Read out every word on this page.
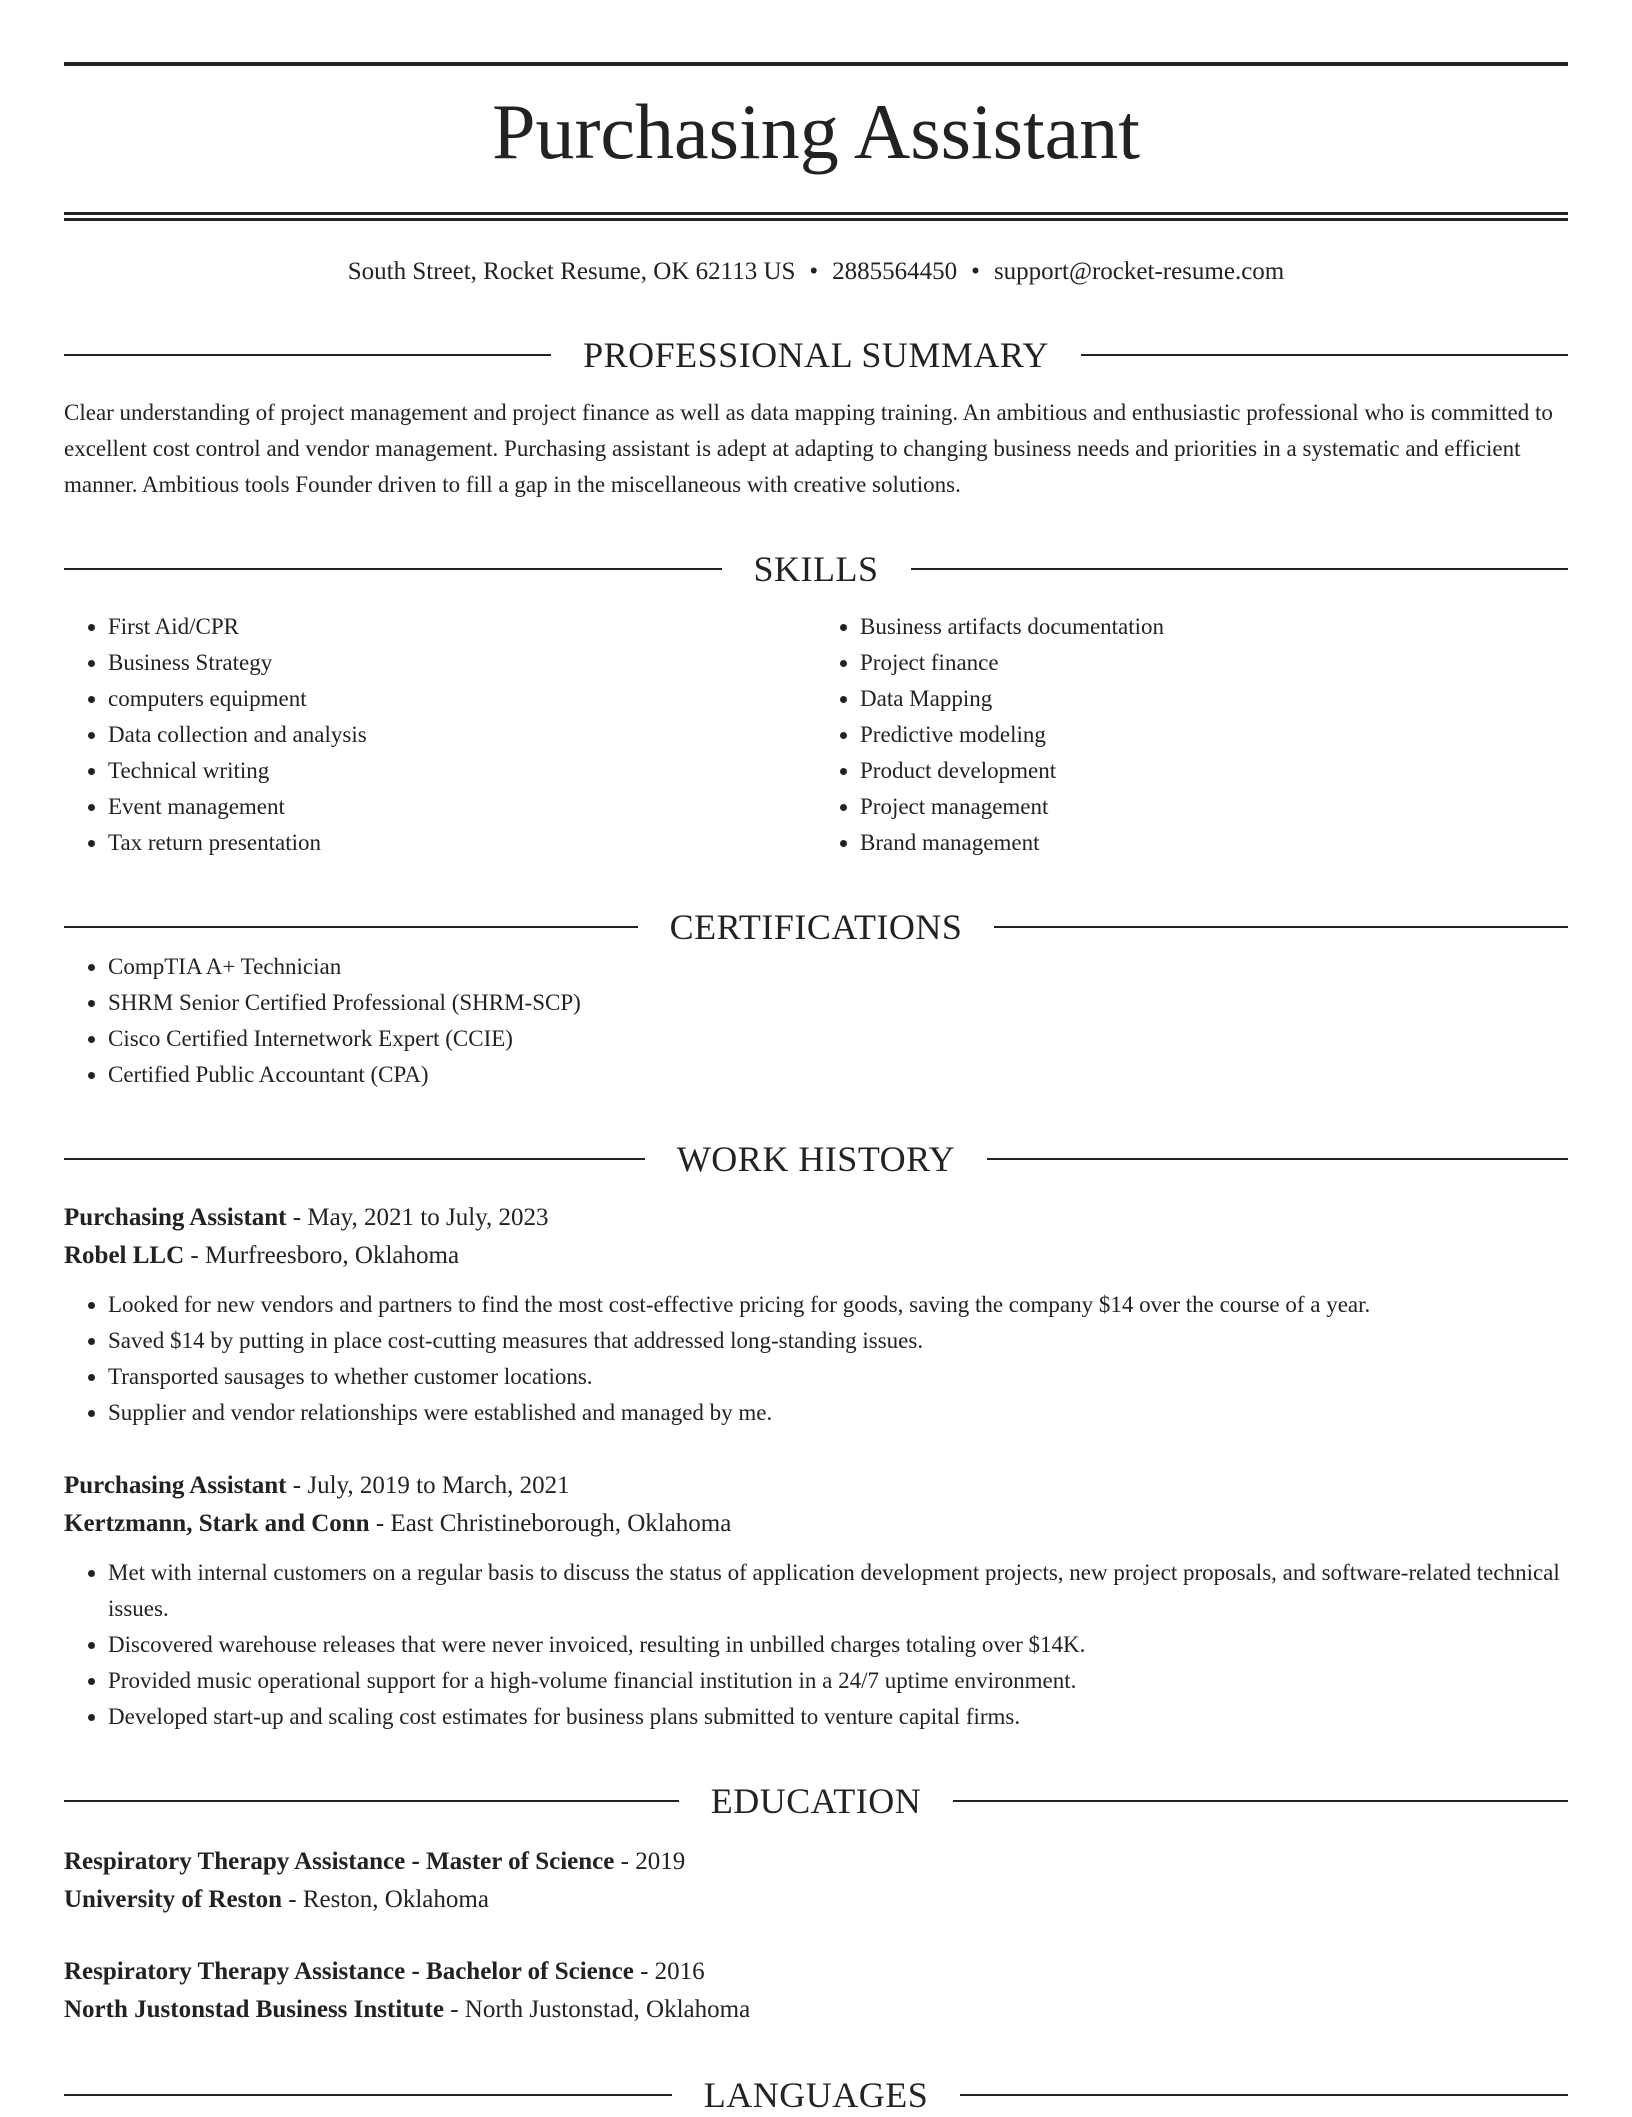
Purchasing Assistant
South Street, Rocket Resume, OK 62113 US • 2885564450 • support@rocket-resume.com
PROFESSIONAL SUMMARY
Clear understanding of project management and project finance as well as data mapping training. An ambitious and enthusiastic professional who is committed to excellent cost control and vendor management. Purchasing assistant is adept at adapting to changing business needs and priorities in a systematic and efficient manner. Ambitious tools Founder driven to fill a gap in the miscellaneous with creative solutions.
SKILLS
• First Aid/CPR
• Business Strategy
• computers equipment
• Data collection and analysis
• Technical writing
• Event management
• Tax return presentation
• Business artifacts documentation
• Project finance
• Data Mapping
• Predictive modeling
• Product development
• Project management
• Brand management
CERTIFICATIONS
• CompTIA A+ Technician
• SHRM Senior Certified Professional (SHRM-SCP)
• Cisco Certified Internetwork Expert (CCIE)
• Certified Public Accountant (CPA)
WORK HISTORY
Purchasing Assistant - May, 2021 to July, 2023
Robel LLC - Murfreesboro, Oklahoma
• Looked for new vendors and partners to find the most cost-effective pricing for goods, saving the company $14 over the course of a year.
• Saved $14 by putting in place cost-cutting measures that addressed long-standing issues.
• Transported sausages to whether customer locations.
• Supplier and vendor relationships were established and managed by me.
Purchasing Assistant - July, 2019 to March, 2021
Kertzmann, Stark and Conn - East Christineborough, Oklahoma
• Met with internal customers on a regular basis to discuss the status of application development projects, new project proposals, and software-related technical issues.
• Discovered warehouse releases that were never invoiced, resulting in unbilled charges totaling over $14K.
• Provided music operational support for a high-volume financial institution in a 24/7 uptime environment.
• Developed start-up and scaling cost estimates for business plans submitted to venture capital firms.
EDUCATION
Respiratory Therapy Assistance - Master of Science - 2019
University of Reston - Reston, Oklahoma
Respiratory Therapy Assistance - Bachelor of Science - 2016
North Justonstad Business Institute - North Justonstad, Oklahoma
LANGUAGES
